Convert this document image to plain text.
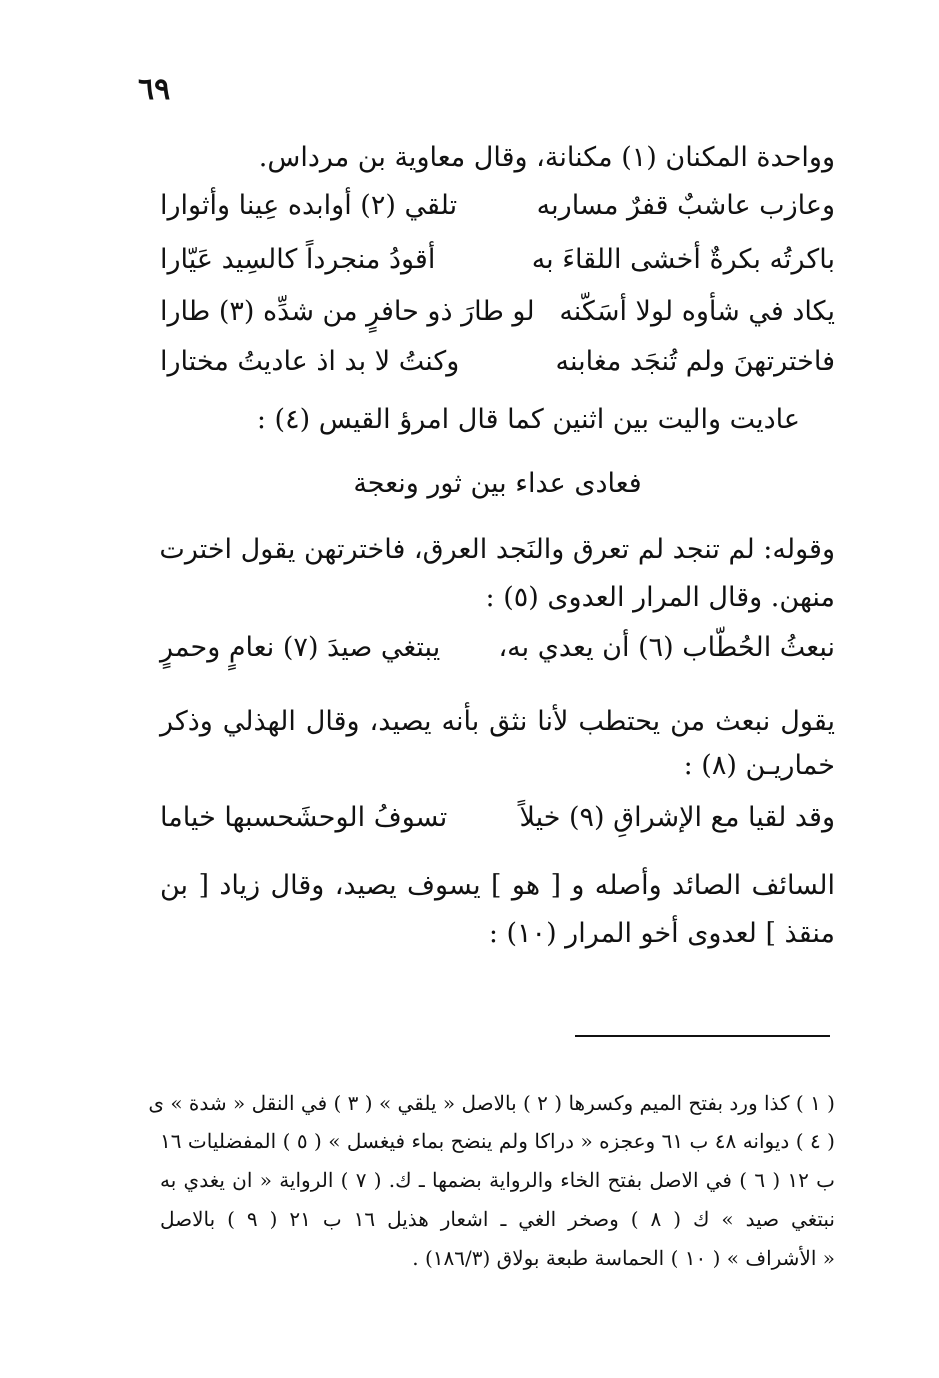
٦٩
وواحدة المكنان (١) مكنانة، وقال معاوية بن مرداس.
وعازب عاشبٌ قفرٌ مساربه
تلقي (٢) أوابده عِينا وأثوارا
باكرتُه بكرةٌ أخشى اللقاءَ به
أقودُ منجرداً كالسِيد عَيّارا
يكاد في شأوه لولا أسَكّنه
لو طارَ ذو حافرٍ من شدِّه (٣) طارا
فاخترتهنَ ولم تُنجَد مغابنه
وكنتُ لا بد اذ عاديتُ مختارا
عاديت واليت بين اثنين كما قال امرؤ القيس (٤) :
فعادى عداء بين ثور ونعجة
وقوله: لم تنجد لم تعرق والنَجد العرق، فاخترتهن يقول اخترت
منهن. وقال المرار العدوى (٥) :
نبعثُ الحُطّاب (٦) أن يعدي به،
يبتغي صيدَ (٧) نعامٍ وحمرٍ
يقول نبعث من يحتطب لأنا نثق بأنه يصيد، وقال الهذلي وذكر
خماريـن (٨) :
وقد لقيا مع الإشراقِ (٩) خيلاً
تسوفُ الوحشَحسبها خياما
السائف الصائد وأصله و [ هو ] يسوف يصيد، وقال زياد [ بن
منقذ ] لعدوى أخو المرار (١٠) :
( ١ ) كذا ورد بفتح الميم وكسرها ( ٢ ) بالاصل « يلقي » ( ٣ ) في النقل « شدة » ى
( ٤ ) ديوانه ٤٨ ب ٦١ وعجزه « دراكا ولم ينضح بماء فيغسل » ( ٥ ) المفضليات ١٦
ب ١٢ ( ٦ ) في الاصل بفتح الخاء والرواية بضمها ـ ك. ( ٧ ) الرواية « ان يغدي به
نبتغي صيد » ك ( ٨ ) وصخر الغي ـ اشعار هذيل ١٦ ب ٢١ ( ٩ ) بالاصل
« الأشراف » ( ١٠ ) الحماسة طبعة بولاق (١٨٦/٣) .
